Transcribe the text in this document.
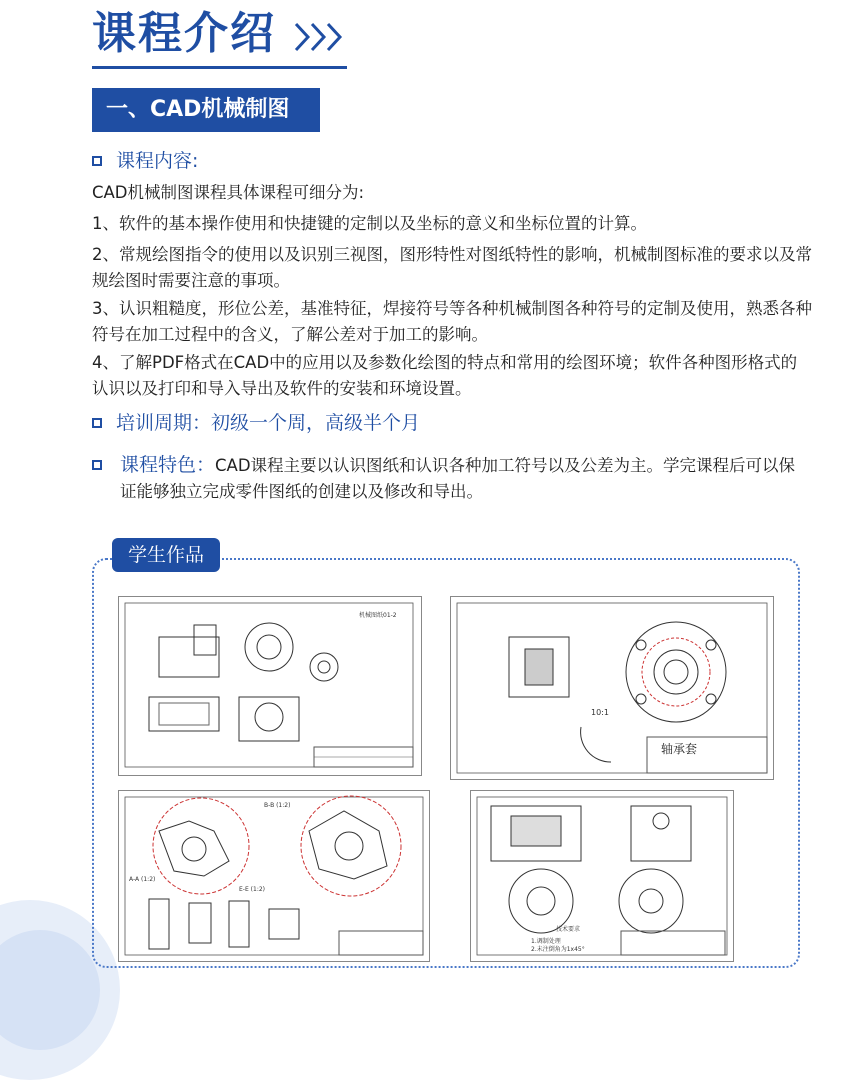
课程介绍
一、CAD机械制图
课程内容:
CAD机械制图课程具体课程可细分为:
1、软件的基本操作使用和快捷键的定制以及坐标的意义和坐标位置的计算。
2、常规绘图指令的使用以及识别三视图，图形特性对图纸特性的影响，机械制图标准的要求以及常规绘图时需要注意的事项。
3、认识粗糙度，形位公差，基准特征，焊接符号等各种机械制图各种符号的定制及使用，熟悉各种符号在加工过程中的含义，了解公差对于加工的影响。
4、了解PDF格式在CAD中的应用以及参数化绘图的特点和常用的绘图环境；软件各种图形格式的认识以及打印和导入导出及软件的安装和环境设置。
培训周期：初级一个周，高级半个月
课程特色：CAD课程主要以认识图纸和认识各种加工符号以及公差为主。学完课程后可以保证能够独立完成零件图纸的创建以及修改和导出。
学生作品
机械图纸01-2
10:1
轴承套
B-B (1:2)
A-A (1:2)
E-E (1:2)
技术要求
1.调制处理
2.未注倒角为1x45°
